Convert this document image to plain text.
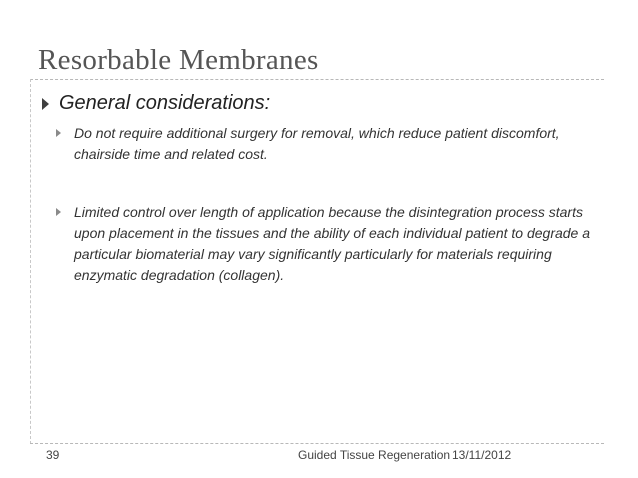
Resorbable Membranes
General considerations:
Do not require additional surgery for removal, which reduce patient discomfort, chairside time and related cost.
Limited control over length of application because the disintegration process starts upon placement in the tissues and the ability of each individual patient to degrade a particular biomaterial may vary significantly particularly for materials requiring enzymatic degradation (collagen).
39	Guided Tissue Regeneration 13/11/2012
